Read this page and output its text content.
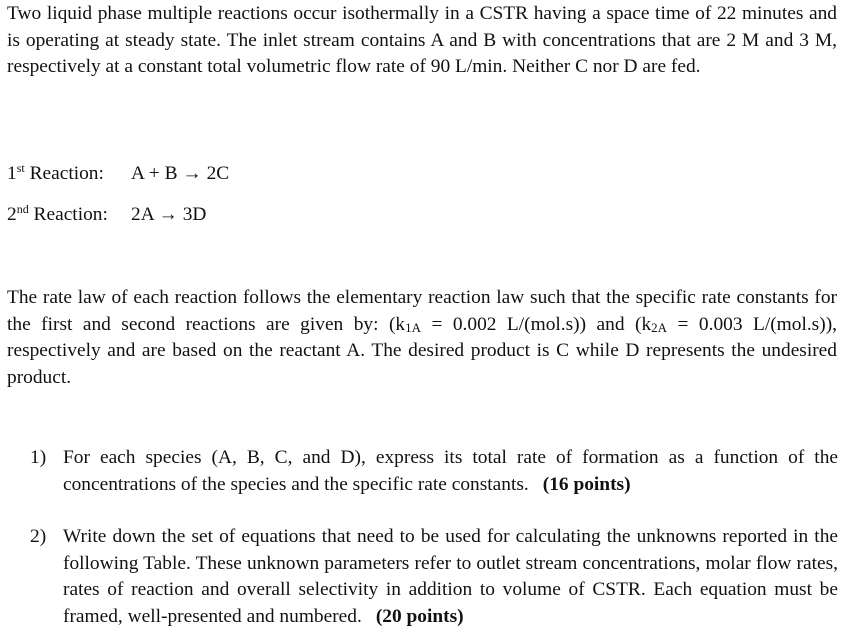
Two liquid phase multiple reactions occur isothermally in a CSTR having a space time of 22 minutes and is operating at steady state. The inlet stream contains A and B with concentrations that are 2 M and 3 M, respectively at a constant total volumetric flow rate of 90 L/min. Neither C nor D are fed.

1st Reaction: A + B → 2C
2nd Reaction: 2A → 3D

The rate law of each reaction follows the elementary reaction law such that the specific rate constants for the first and second reactions are given by: (k1A = 0.002 L/(mol.s)) and (k2A = 0.003 L/(mol.s)), respectively and are based on the reactant A. The desired product is C while D represents the undesired product.

1) For each species (A, B, C, and D), express its total rate of formation as a function of the concentrations of the species and the specific rate constants. (16 points)
2) Write down the set of equations that need to be used for calculating the unknowns reported in the following Table. These unknown parameters refer to outlet stream concentrations, molar flow rates, rates of reaction and overall selectivity in addition to volume of CSTR. Each equation must be framed, well-presented and numbered. (20 points)
